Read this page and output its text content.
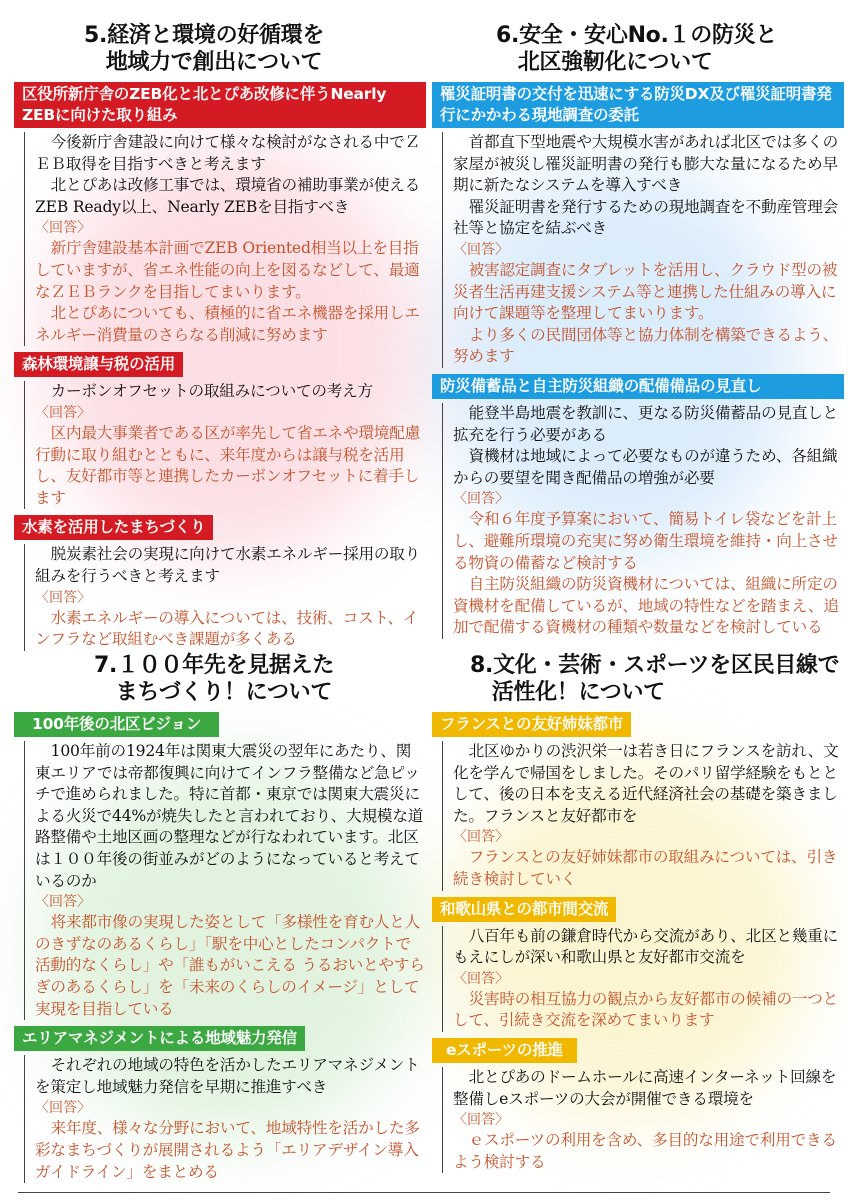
5.経済と環境の好循環を
　地域力で創出について
区役所新庁舎のZEB化と北とぴあ改修に伴うNearly ZEBに向けた取り組み

今後新庁舎建設に向けて様々な検討がなされる中でＺＥＢ取得を目指すべきと考えます

北とぴあは改修工事では、環境省の補助事業が使えるZEB Ready以上、Nearly ZEBを目指すべき

〈回答〉

新庁舎建設基本計画でZEB Oriented相当以上を目指していますが、省エネ性能の向上を図るなどして、最適なＺＥＢランクを目指してまいります。

北とぴあについても、積極的に省エネ機器を採用しエネルギー消費量のさらなる削減に努めます

森林環境譲与税の活用

カーボンオフセットの取組みについての考え方

〈回答〉

区内最大事業者である区が率先して省エネや環境配慮行動に取り組むとともに、来年度からは譲与税を活用し、友好都市等と連携したカーボンオフセットに着手します

水素を活用したまちづくり

脱炭素社会の実現に向けて水素エネルギー採用の取り組みを行うべきと考えます

〈回答〉

水素エネルギーの導入については、技術、コスト、インフラなど取組むべき課題が多くある

6.安全・安心No.１の防災と
　北区強靭化について
罹災証明書の交付を迅速にする防災DX及び罹災証明書発行にかかわる現地調査の委託

首都直下型地震や大規模水害があれば北区では多くの家屋が被災し罹災証明書の発行も膨大な量になるため早期に新たなシステムを導入すべき

罹災証明書を発行するための現地調査を不動産管理会社等と協定を結ぶべき

〈回答〉

被害認定調査にタブレットを活用し、クラウド型の被災者生活再建支援システム等と連携した仕組みの導入に向けて課題等を整理してまいります。

より多くの民間団体等と協力体制を構築できるよう、努めます

防災備蓄品と自主防災組織の配備備品の見直し

能登半島地震を教訓に、更なる防災備蓄品の見直しと拡充を行う必要がある

資機材は地域によって必要なものが違うため、各組織からの要望を聞き配備品の増強が必要

〈回答〉

令和６年度予算案において、簡易トイレ袋などを計上し、避難所環境の充実に努め衛生環境を維持・向上させる物資の備蓄など検討する

自主防災組織の防災資機材については、組織に所定の資機材を配備しているが、地域の特性などを踏まえ、追加で配備する資機材の種類や数量などを検討している

7.１００年先を見据えた
　まちづくり！について
100年後の北区ビジョン

100年前の1924年は関東大震災の翌年にあたり、関東エリアでは帝都復興に向けてインフラ整備など急ピッチで進められました。特に首都・東京では関東大震災による火災で44%が焼失したと言われており、大規模な道路整備や土地区画の整理などが行なわれています。北区は１００年後の街並みがどのようになっていると考えているのか

〈回答〉

将来都市像の実現した姿として「多様性を育む人と人のきずなのあるくらし」「駅を中心としたコンパクトで活動的なくらし」や「誰もがいこえる うるおいとやすらぎのあるくらし」を「未来のくらしのイメージ」として実現を目指している

エリアマネジメントによる地域魅力発信

それぞれの地域の特色を活かしたエリアマネジメントを策定し地域魅力発信を早期に推進すべき

〈回答〉

来年度、様々な分野において、地域特性を活かした多彩なまちづくりが展開されるよう「エリアデザイン導入ガイドライン」をまとめる

8.文化・芸術・スポーツを区民目線で
　活性化！について
フランスとの友好姉妹都市

北区ゆかりの渋沢栄一は若き日にフランスを訪れ、文化を学んで帰国をしました。そのパリ留学経験をもととして、後の日本を支える近代経済社会の基礎を築きました。フランスと友好都市を

〈回答〉

フランスとの友好姉妹都市の取組みについては、引き続き検討していく

和歌山県との都市間交流

八百年も前の鎌倉時代から交流があり、北区と幾重にもえにしが深い和歌山県と友好都市交流を

〈回答〉

災害時の相互協力の観点から友好都市の候補の一つとして、引続き交流を深めてまいります

eスポーツの推進

北とぴあのドームホールに高速インターネット回線を整備しeスポーツの大会が開催できる環境を

〈回答〉

ｅスポーツの利用を含め、多目的な用途で利用できるよう検討する
